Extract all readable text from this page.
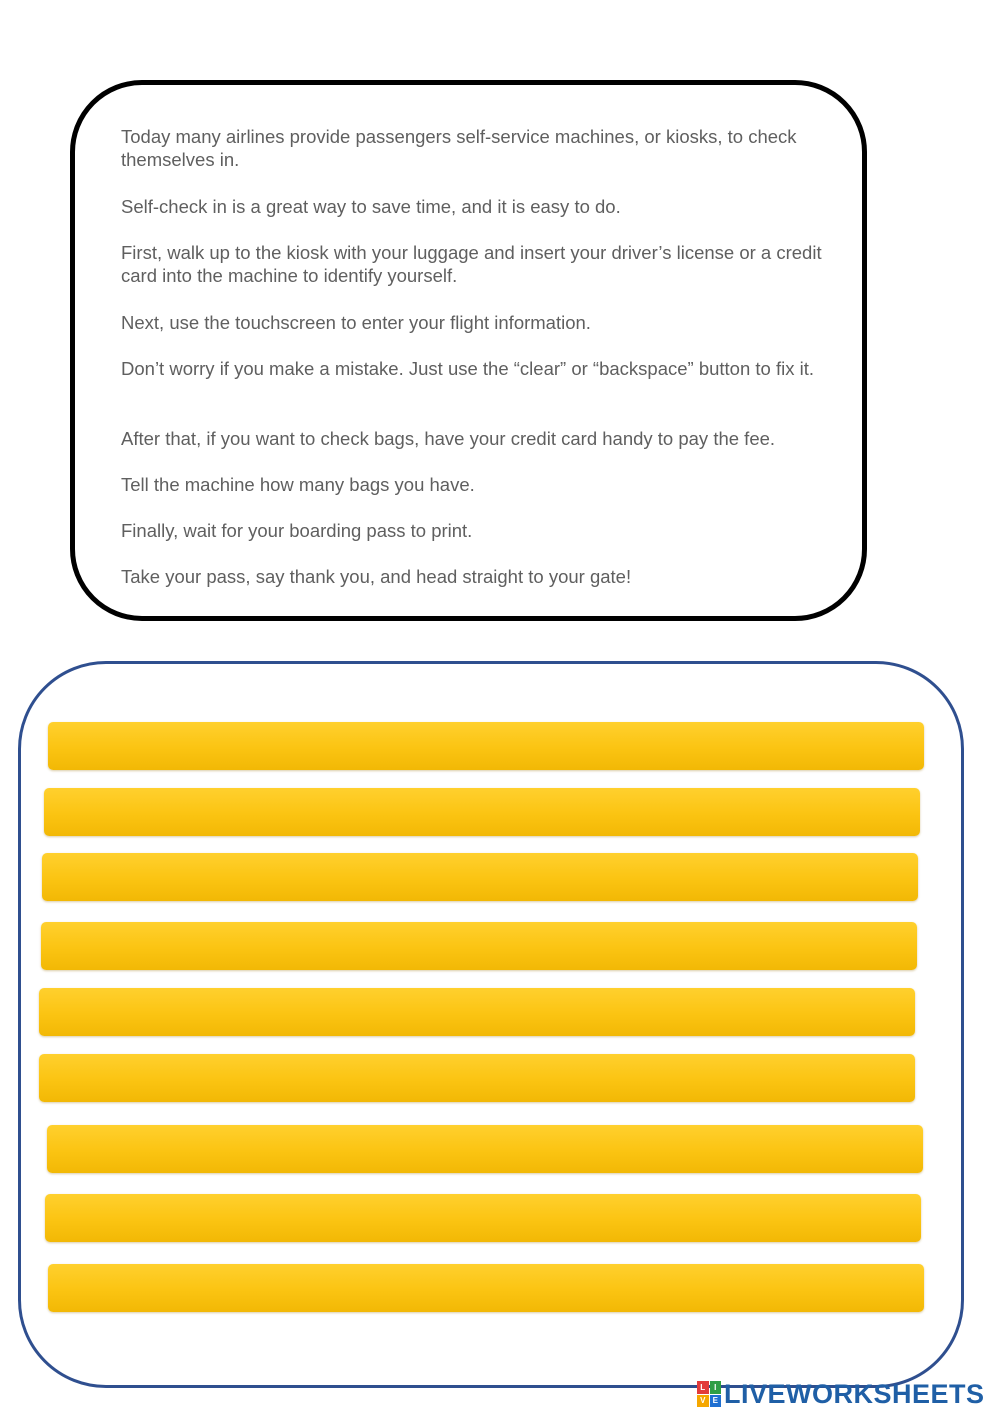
Today many airlines provide passengers self-service machines, or kiosks, to check themselves in.

Self-check in is a great way to save time, and it is easy to do.

First, walk up to the kiosk with your luggage and insert your driver’s license or a credit card into the machine to identify yourself.

Next, use the touchscreen to enter your flight information.

Don’t worry if you make a mistake. Just use the “clear” or “backspace” button to fix it.

After that, if you want to check bags, have your credit card handy to pay the fee.

Tell the machine how many bags you have.

Finally, wait for your boarding pass to print.

Take your pass, say thank you, and head straight to your gate!

L	I
V E LIVEWORKSHEETS
